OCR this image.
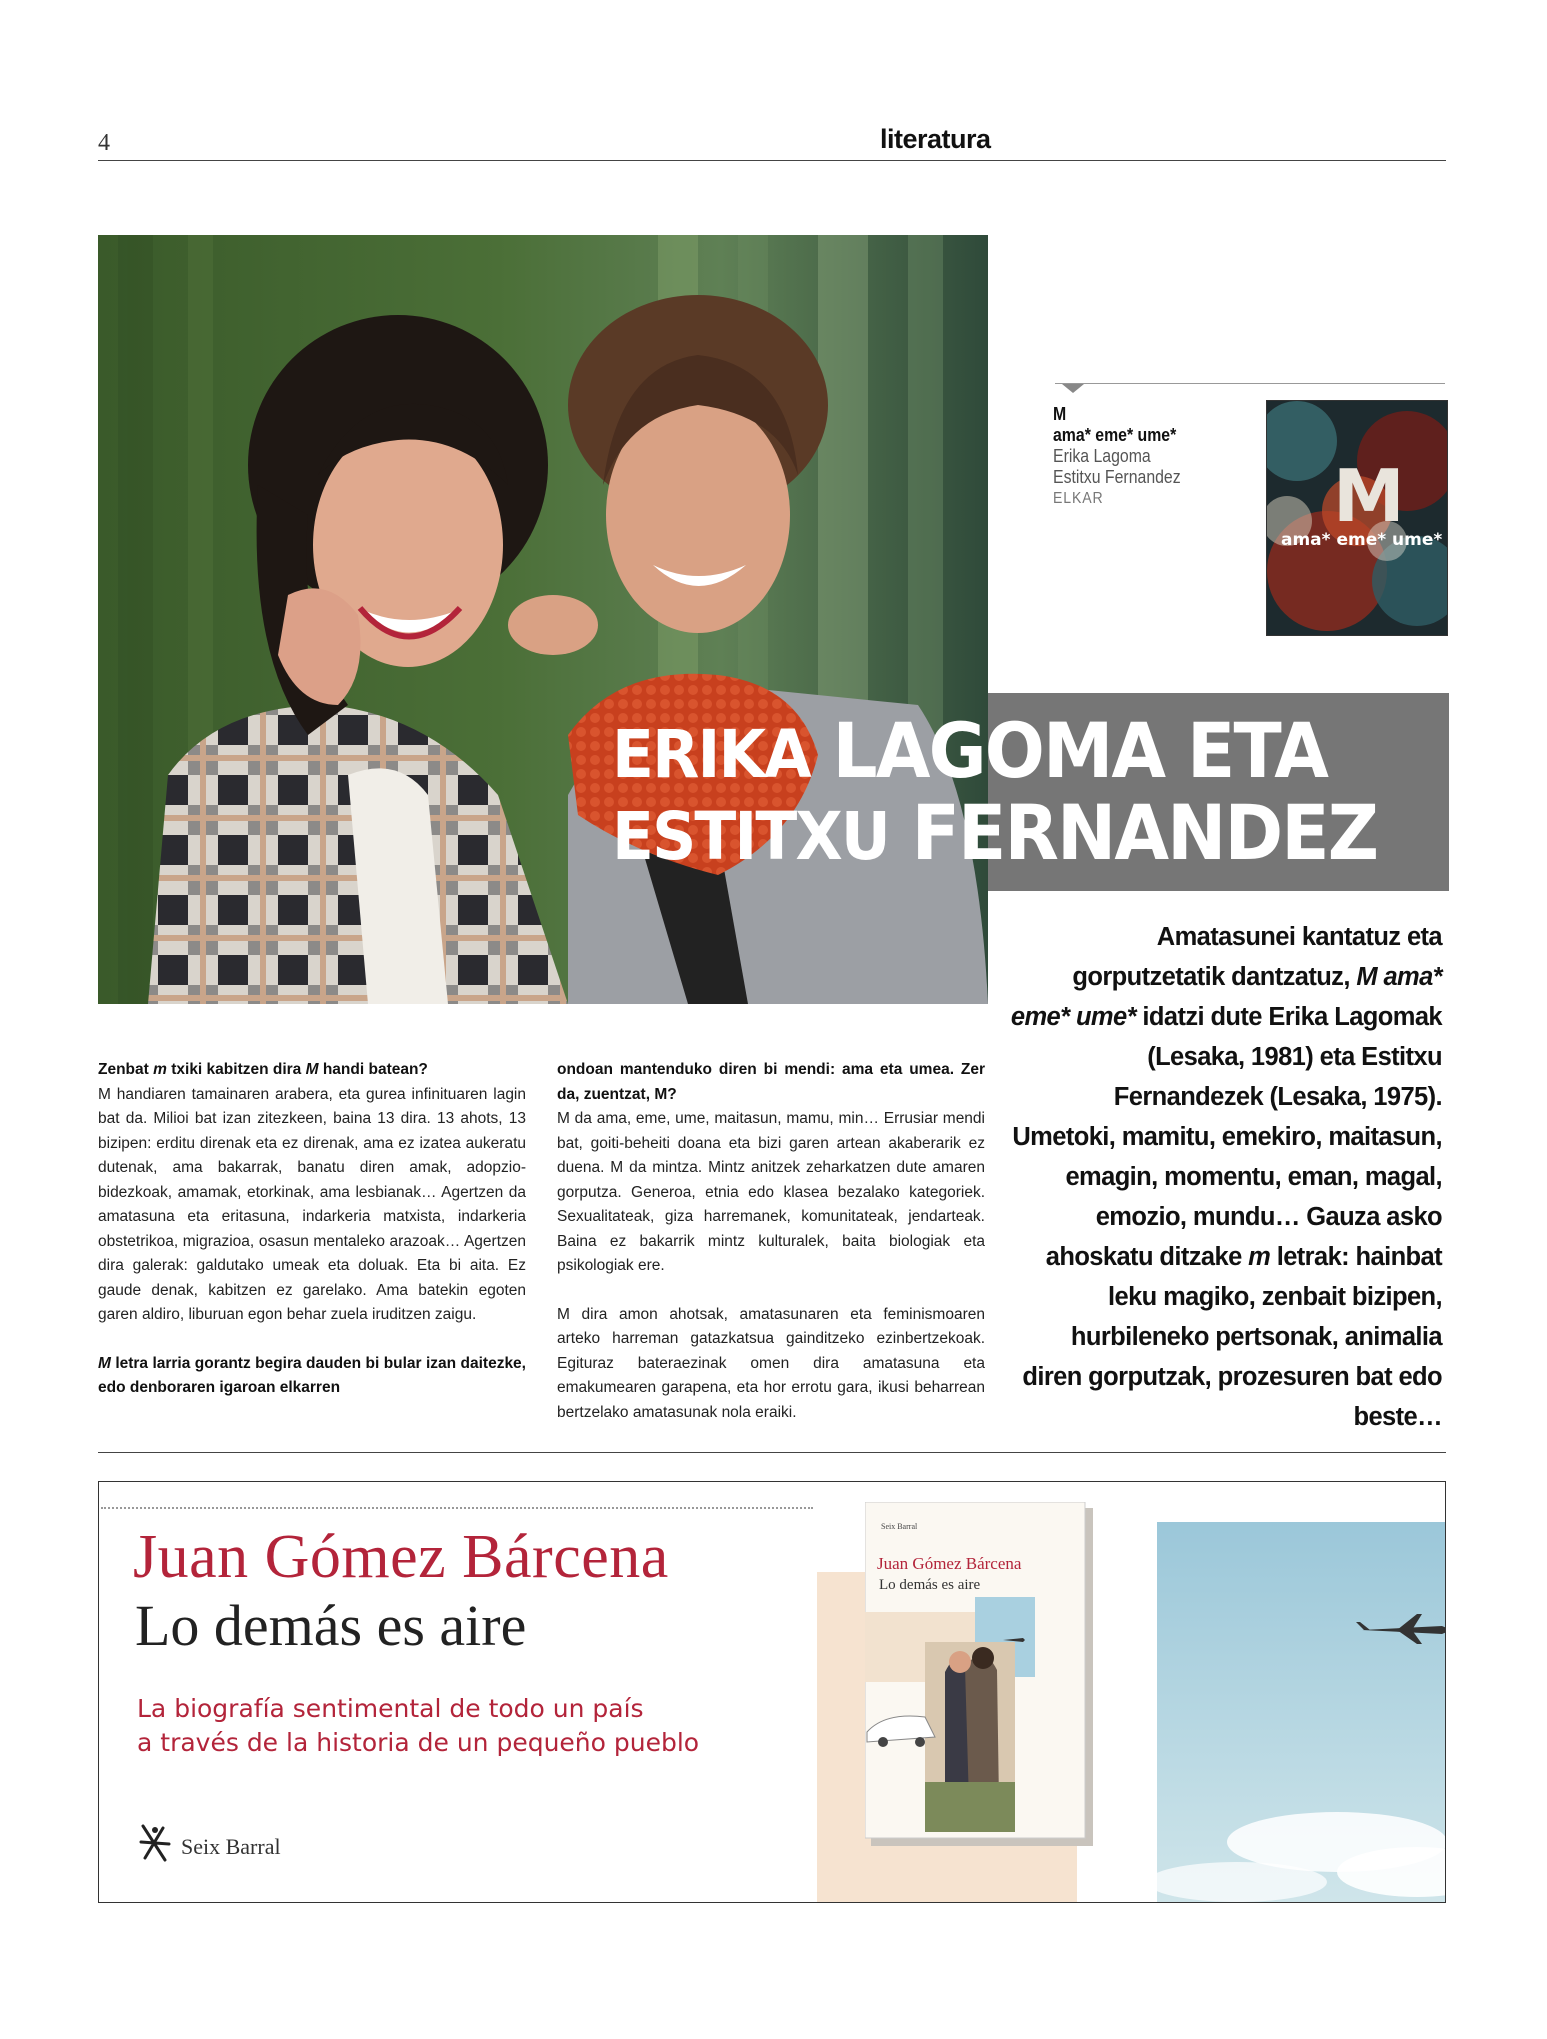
4	literatura
M
ama* eme* ume*
Erika Lagoma
Estitxu Fernandez
ELKAR	M
ama* eme* ume*
ERIKA LAGOMA ETA
ESTITXU FERNANDEZ

Zenbat m txiki kabitzen dira M handi batean?

M handiaren tamainaren arabera, eta gurea infinituaren lagin bat da. Milioi bat izan zitezkeen, baina 13 dira. 13 ahots, 13 bizipen: erditu direnak eta ez direnak, ama ez izatea aukeratu dutenak, ama bakarrak, banatu diren amak, adopzio-bidezkoak, amamak, etorkinak, ama lesbianak… Agertzen da amatasuna eta eritasuna, indarkeria matxista, indarkeria obstetrikoa, migrazioa, osasun mentaleko arazoak… Agertzen dira galerak: galdutako umeak eta doluak. Eta bi aita. Ez gaude denak, kabitzen ez garelako. Ama batekin egoten garen aldiro, liburuan egon behar zuela iruditzen zaigu.

M letra larria gorantz begira dauden bi bular izan daitezke, edo denboraren igaroan elkarren

ondoan mantenduko diren bi mendi: ama eta umea. Zer da, zuentzat, M?

M da ama, eme, ume, maitasun, mamu, min… Errusiar mendi bat, goiti-beheiti doana eta bizi garen artean akaberarik ez duena. M da mintza. Mintz anitzek zeharkatzen dute amaren gorputza. Generoa, etnia edo klasea bezalako kategoriek. Sexualitateak, giza harremanek, komunitateak, jendarteak. Baina ez bakarrik mintz kulturalek, baita biologiak eta psikologiak ere.

M dira amon ahotsak, amatasunaren eta feminismoaren arteko harreman gatazkatsua gainditzeko ezinbertzekoak. Egituraz bateraezinak omen dira amatasuna eta emakumearen garapena, eta hor errotu gara, ikusi beharrean bertzelako amatasunak nola eraiki.

Amatasunei kantatuz eta gorputzetatik dantzatuz, M ama* eme* ume* idatzi dute Erika Lagomak (Lesaka, 1981) eta Estitxu Fernandezek (Lesaka, 1975). Umetoki, mamitu, emekiro, maitasun, emagin, momentu, eman, magal, emozio, mundu… Gauza asko ahoskatu ditzake m letrak: hainbat leku magiko, zenbait bizipen, hurbileneko pertsonak, animalia diren gorputzak, prozesuren bat edo beste…
Juan Gómez Bárcena
Lo demás es aire
La biografía sentimental de todo un país
a través de la historia de un pequeño pueblo
Seix Barral
Seix Barral
Juan Gómez Bárcena
Lo demás es aire
